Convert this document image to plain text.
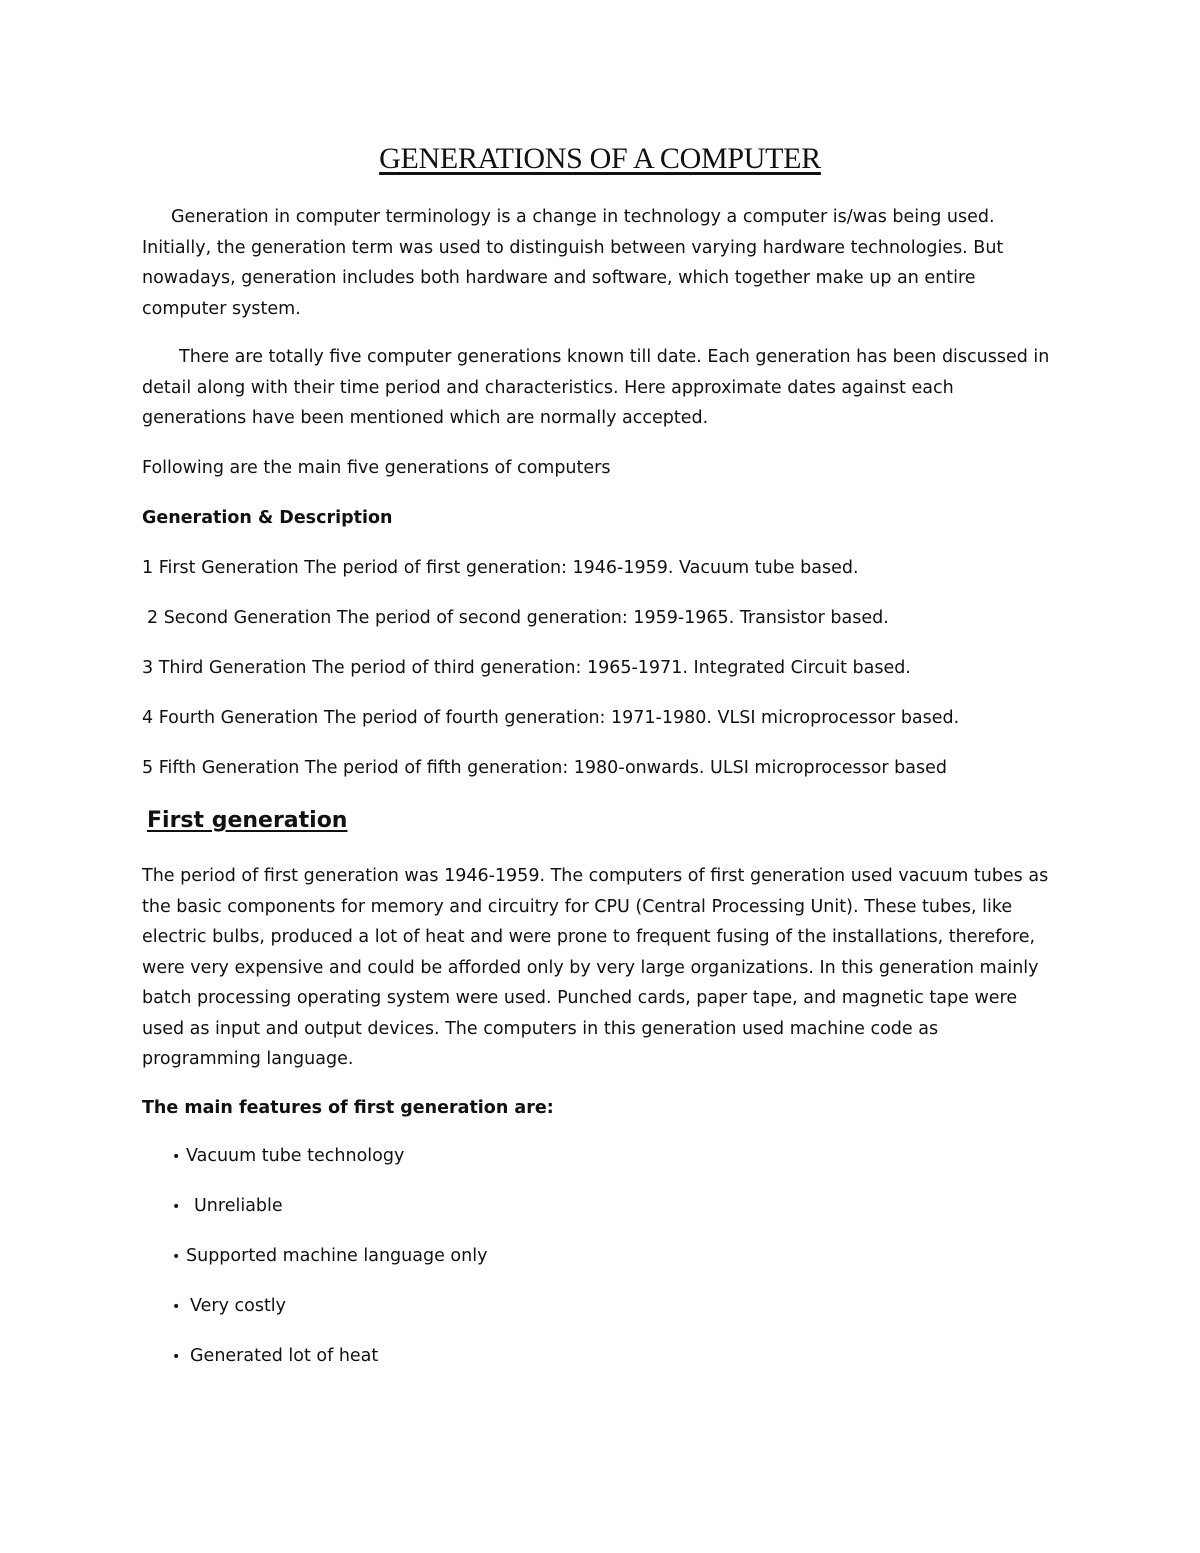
GENERATIONS OF A COMPUTER

Generation in computer terminology is a change in technology a computer is/was being used. Initially, the generation term was used to distinguish between varying hardware technologies. But nowadays, generation includes both hardware and software, which together make up an entire computer system.

There are totally five computer generations known till date. Each generation has been discussed in detail along with their time period and characteristics. Here approximate dates against each generations have been mentioned which are normally accepted.

Following are the main five generations of computers

Generation & Description

1 First Generation The period of first generation: 1946-1959. Vacuum tube based.

2 Second Generation The period of second generation: 1959-1965. Transistor based.

3 Third Generation The period of third generation: 1965-1971. Integrated Circuit based.

4 Fourth Generation The period of fourth generation: 1971-1980. VLSI microprocessor based.

5 Fifth Generation The period of fifth generation: 1980-onwards. ULSI microprocessor based

First generation

The period of first generation was 1946-1959. The computers of first generation used vacuum tubes as the basic components for memory and circuitry for CPU (Central Processing Unit). These tubes, like electric bulbs, produced a lot of heat and were prone to frequent fusing of the installations, therefore, were very expensive and could be afforded only by very large organizations. In this generation mainly batch processing operating system were used. Punched cards, paper tape, and magnetic tape were used as input and output devices. The computers in this generation used machine code as programming language.

The main features of first generation are:

• Vacuum tube technology
• Unreliable
• Supported machine language only
• Very costly
• Generated lot of heat
